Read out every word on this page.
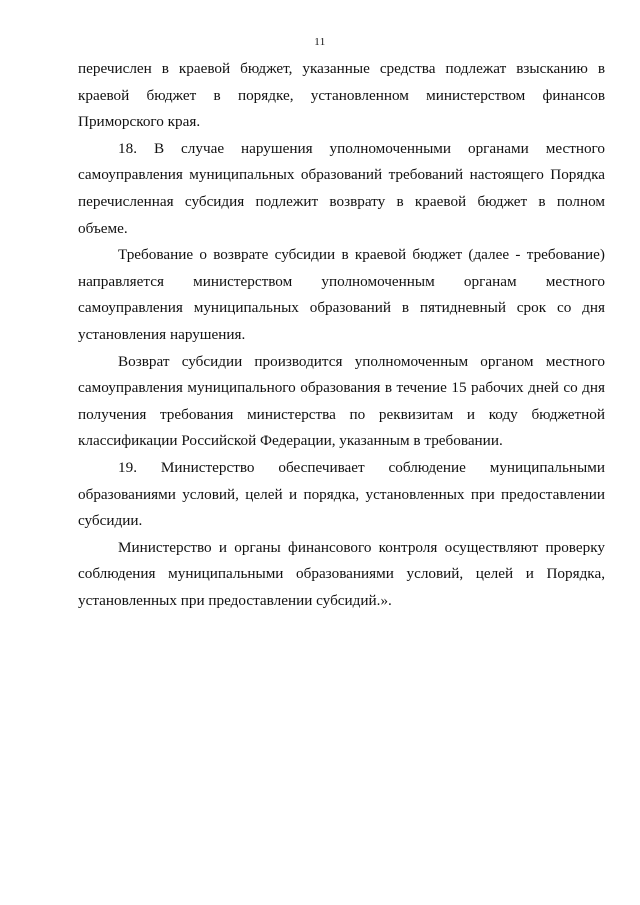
11
перечислен в краевой бюджет, указанные средства подлежат взысканию в
краевой бюджет в порядке, установленном министерством финансов
Приморского края.
18. В случае нарушения уполномоченными органами местного
самоуправления муниципальных образований требований настоящего Порядка
перечисленная субсидия подлежит возврату в краевой бюджет в полном
объеме.
Требование о возврате субсидии в краевой бюджет (далее - требование)
направляется министерством уполномоченным органам местного
самоуправления муниципальных образований в пятидневный срок со дня
установления нарушения.
Возврат субсидии производится уполномоченным органом местного
самоуправления муниципального образования в течение 15 рабочих дней со дня
получения требования министерства по реквизитам и коду бюджетной
классификации Российской Федерации, указанным в требовании.
19. Министерство обеспечивает соблюдение муниципальными
образованиями условий, целей и порядка, установленных при предоставлении
субсидии.
Министерство и органы финансового контроля осуществляют проверку
соблюдения муниципальными образованиями условий, целей и Порядка,
установленных при предоставлении субсидий.».
